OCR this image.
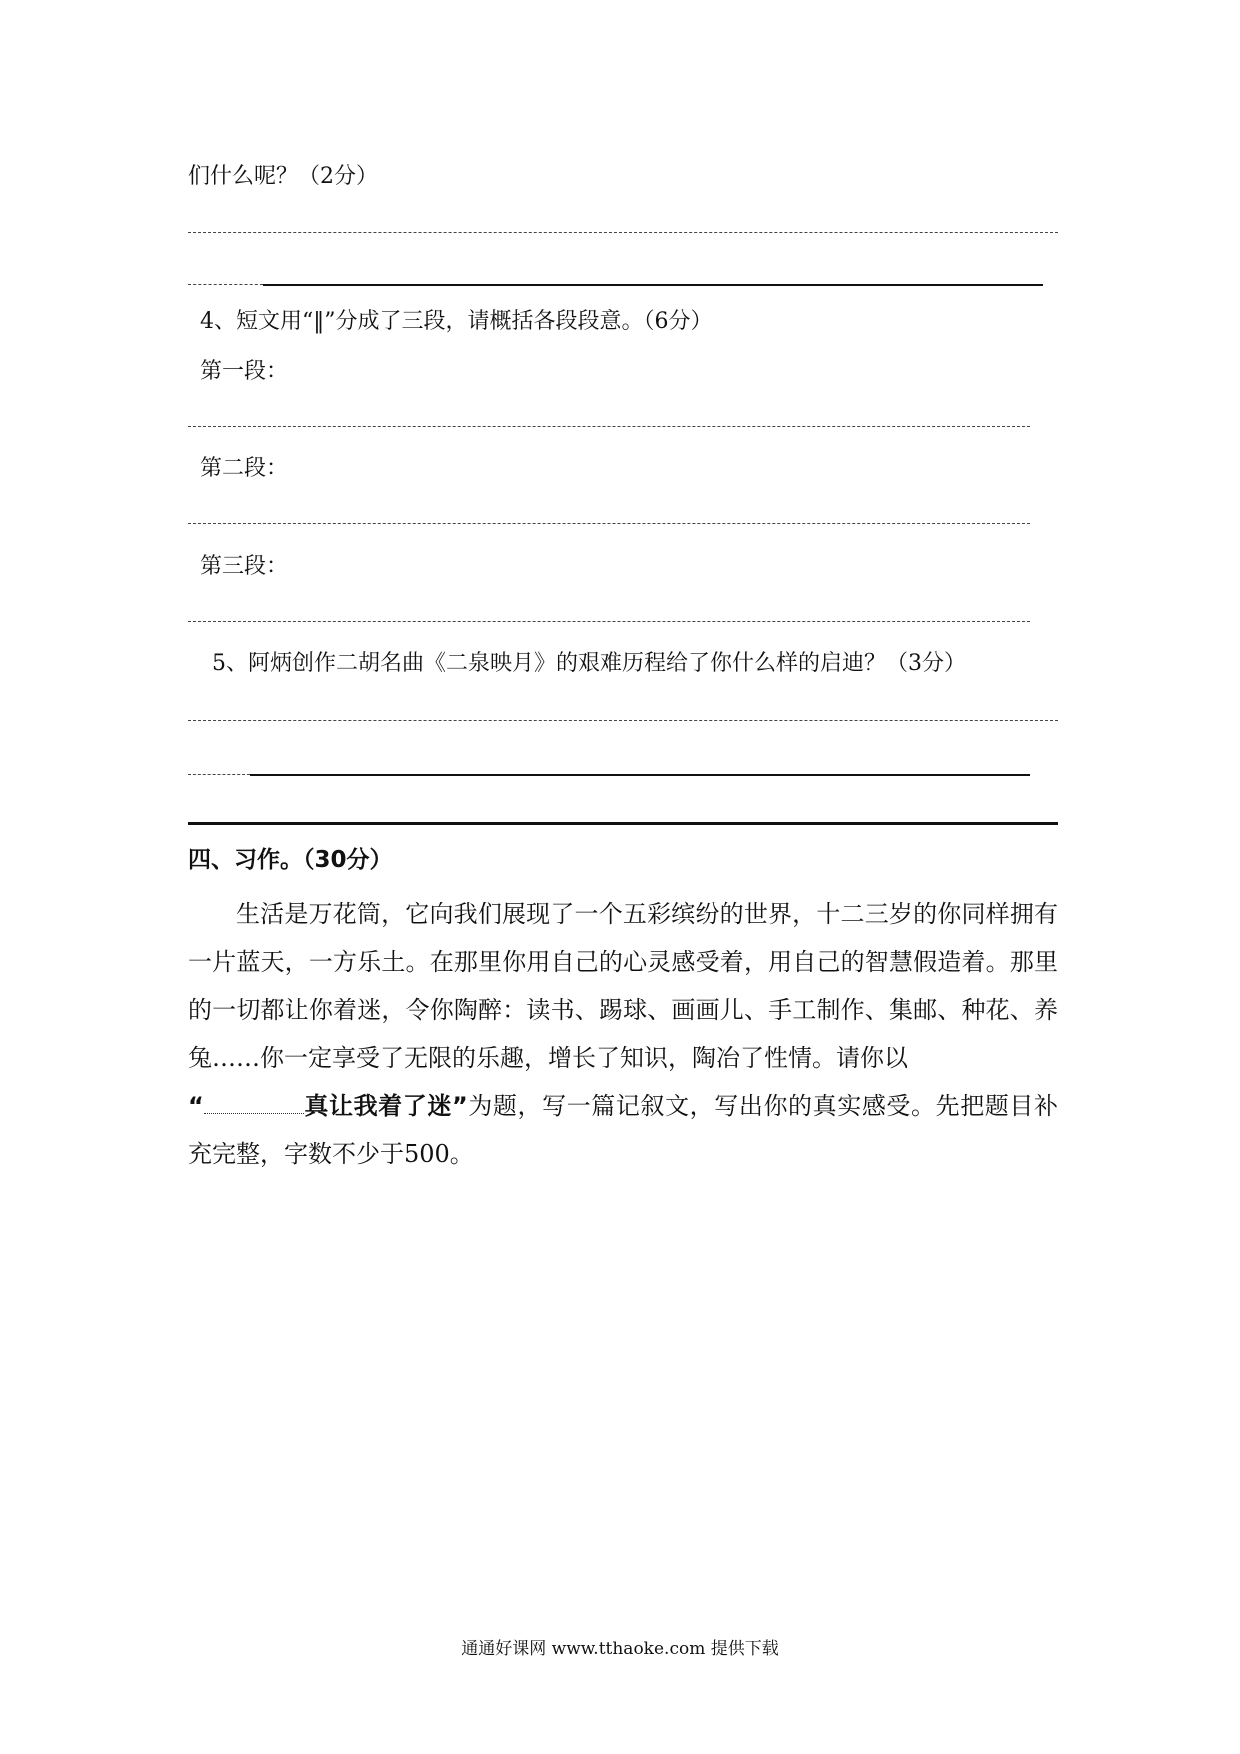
们什么呢？（2分）
4、短文用“‖”分成了三段，请概括各段段意。（6分）
第一段：
第二段：
第三段：
5、阿炳创作二胡名曲《二泉映月》的艰难历程给了你什么样的启迪？（3分）
四、习作。（30分）

生活是万花筒，它向我们展现了一个五彩缤纷的世界，十二三岁的你同样拥有一片蓝天，一方乐土。在那里你用自己的心灵感受着，用自己的智慧假造着。那里的一切都让你着迷，令你陶醉：读书、踢球、画画儿、手工制作、集邮、种花、养兔……你一定享受了无限的乐趣，增长了知识，陶冶了性情。请你以
“	真让我着了迷”为题，写一篇记叙文，写出你的真实感受。先把题目补充完整，字数不少于500。

通通好课网 www.tthaoke.com 提供下载
